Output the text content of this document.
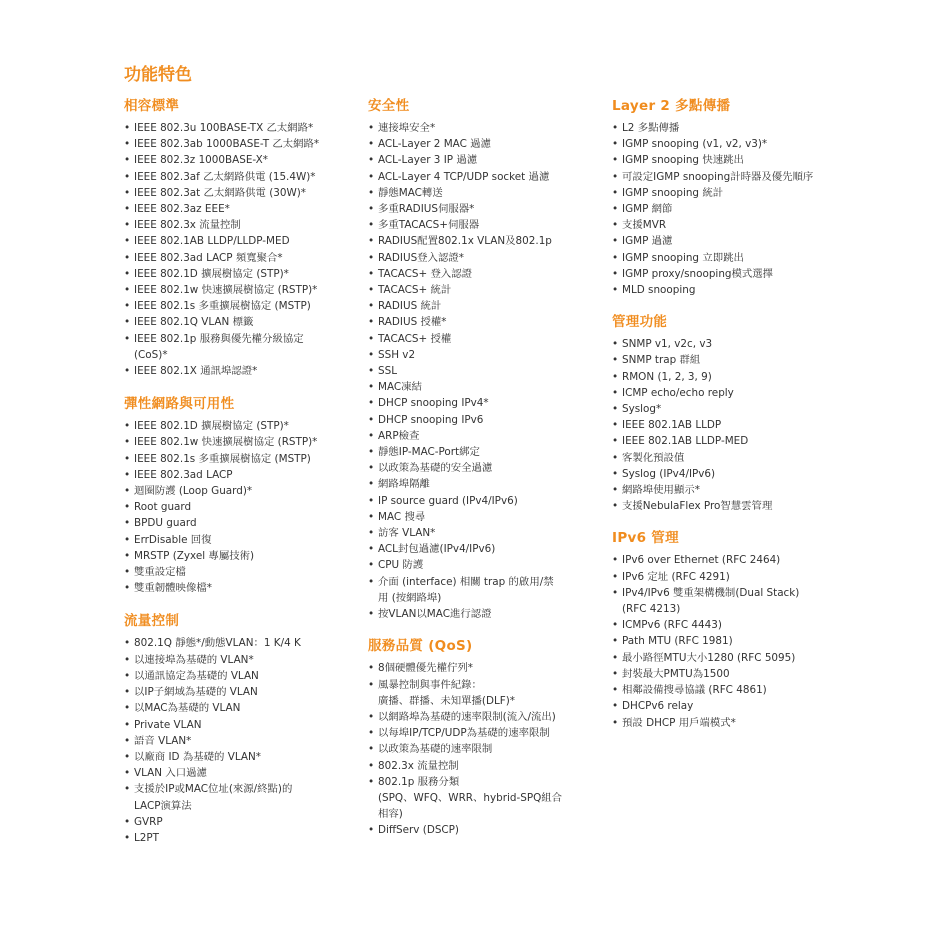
功能特色
相容標準
• IEEE 802.3u 100BASE-TX 乙太網路*
• IEEE 802.3ab 1000BASE-T 乙太網路*
• IEEE 802.3z 1000BASE-X*
• IEEE 802.3af 乙太網路供電 (15.4W)*
• IEEE 802.3at 乙太網路供電 (30W)*
• IEEE 802.3az EEE*
• IEEE 802.3x 流量控制
• IEEE 802.1AB LLDP/LLDP-MED
• IEEE 802.3ad LACP 頻寬聚合*
• IEEE 802.1D 擴展樹協定 (STP)*
• IEEE 802.1w 快速擴展樹協定 (RSTP)*
• IEEE 802.1s 多重擴展樹協定 (MSTP)
• IEEE 802.1Q VLAN 標籤
• IEEE 802.1p 服務與優先權分級協定
(CoS)*
• IEEE 802.1X 通訊埠認證*
彈性網路與可用性
• IEEE 802.1D 擴展樹協定 (STP)*
• IEEE 802.1w 快速擴展樹協定 (RSTP)*
• IEEE 802.1s 多重擴展樹協定 (MSTP)
• IEEE 802.3ad LACP
• 迴圈防護 (Loop Guard)*
• Root guard
• BPDU guard
• ErrDisable 回復
• MRSTP (Zyxel 專屬技術)
• 雙重設定檔
• 雙重韌體映像檔*
流量控制
• 802.1Q 靜態*/動態VLAN：1 K/4 K
• 以連接埠為基礎的 VLAN*
• 以通訊協定為基礎的 VLAN
• 以IP子網域為基礎的 VLAN
• 以MAC為基礎的 VLAN
• Private VLAN
• 語音 VLAN*
• 以廠商 ID 為基礎的 VLAN*
• VLAN 入口過濾
• 支援於IP或MAC位址(來源/終點)的
LACP演算法
• GVRP
• L2PT
安全性
• 連接埠安全*
• ACL-Layer 2 MAC 過濾
• ACL-Layer 3 IP 過濾
• ACL-Layer 4 TCP/UDP socket 過濾
• 靜態MAC轉送
• 多重RADIUS伺服器*
• 多重TACACS+伺服器
• RADIUS配置802.1x VLAN及802.1p
• RADIUS登入認證*
• TACACS+ 登入認證
• TACACS+ 統計
• RADIUS 統計
• RADIUS 授權*
• TACACS+ 授權
• SSH v2
• SSL
• MAC凍結
• DHCP snooping IPv4*
• DHCP snooping IPv6
• ARP檢查
• 靜態IP-MAC-Port綁定
• 以政策為基礎的安全過濾
• 網路埠隔離
• IP source guard (IPv4/IPv6)
• MAC 搜尋
• 訪客 VLAN*
• ACL封包過濾(IPv4/IPv6)
• CPU 防護
• 介面 (interface) 相關 trap 的啟用/禁
用 (按網路埠)
• 按VLAN以MAC進行認證
服務品質 (QoS)
• 8個硬體優先權佇列*
• 風暴控制與事件紀錄：
廣播、群播、未知單播(DLF)*
• 以網路埠為基礎的速率限制(流入/流出)
• 以每埠IP/TCP/UDP為基礎的速率限制
• 以政策為基礎的速率限制
• 802.3x 流量控制
• 802.1p 服務分類
(SPQ、WFQ、WRR、hybrid-SPQ組合
相容)
• DiffServ (DSCP)
Layer 2 多點傳播
• L2 多點傳播
• IGMP snooping (v1, v2, v3)*
• IGMP snooping 快速跳出
• 可設定IGMP snooping計時器及優先順序
• IGMP snooping 統計
• IGMP 網節
• 支援MVR
• IGMP 過濾
• IGMP snooping 立即跳出
• IGMP proxy/snooping模式選擇
• MLD snooping
管理功能
• SNMP v1, v2c, v3
• SNMP trap 群組
• RMON (1, 2, 3, 9)
• ICMP echo/echo reply
• Syslog*
• IEEE 802.1AB LLDP
• IEEE 802.1AB LLDP-MED
• 客製化預設值
• Syslog (IPv4/IPv6)
• 網路埠使用顯示*
• 支援NebulaFlex Pro智慧雲管理
IPv6 管理
• IPv6 over Ethernet (RFC 2464)
• IPv6 定址 (RFC 4291)
• IPv4/IPv6 雙重架構機制(Dual Stack)
(RFC 4213)
• ICMPv6 (RFC 4443)
• Path MTU (RFC 1981)
• 最小路徑MTU大小1280 (RFC 5095)
• 封裝最大PMTU為1500
• 相鄰設備搜尋協議 (RFC 4861)
• DHCPv6 relay
• 預設 DHCP 用戶端模式*
